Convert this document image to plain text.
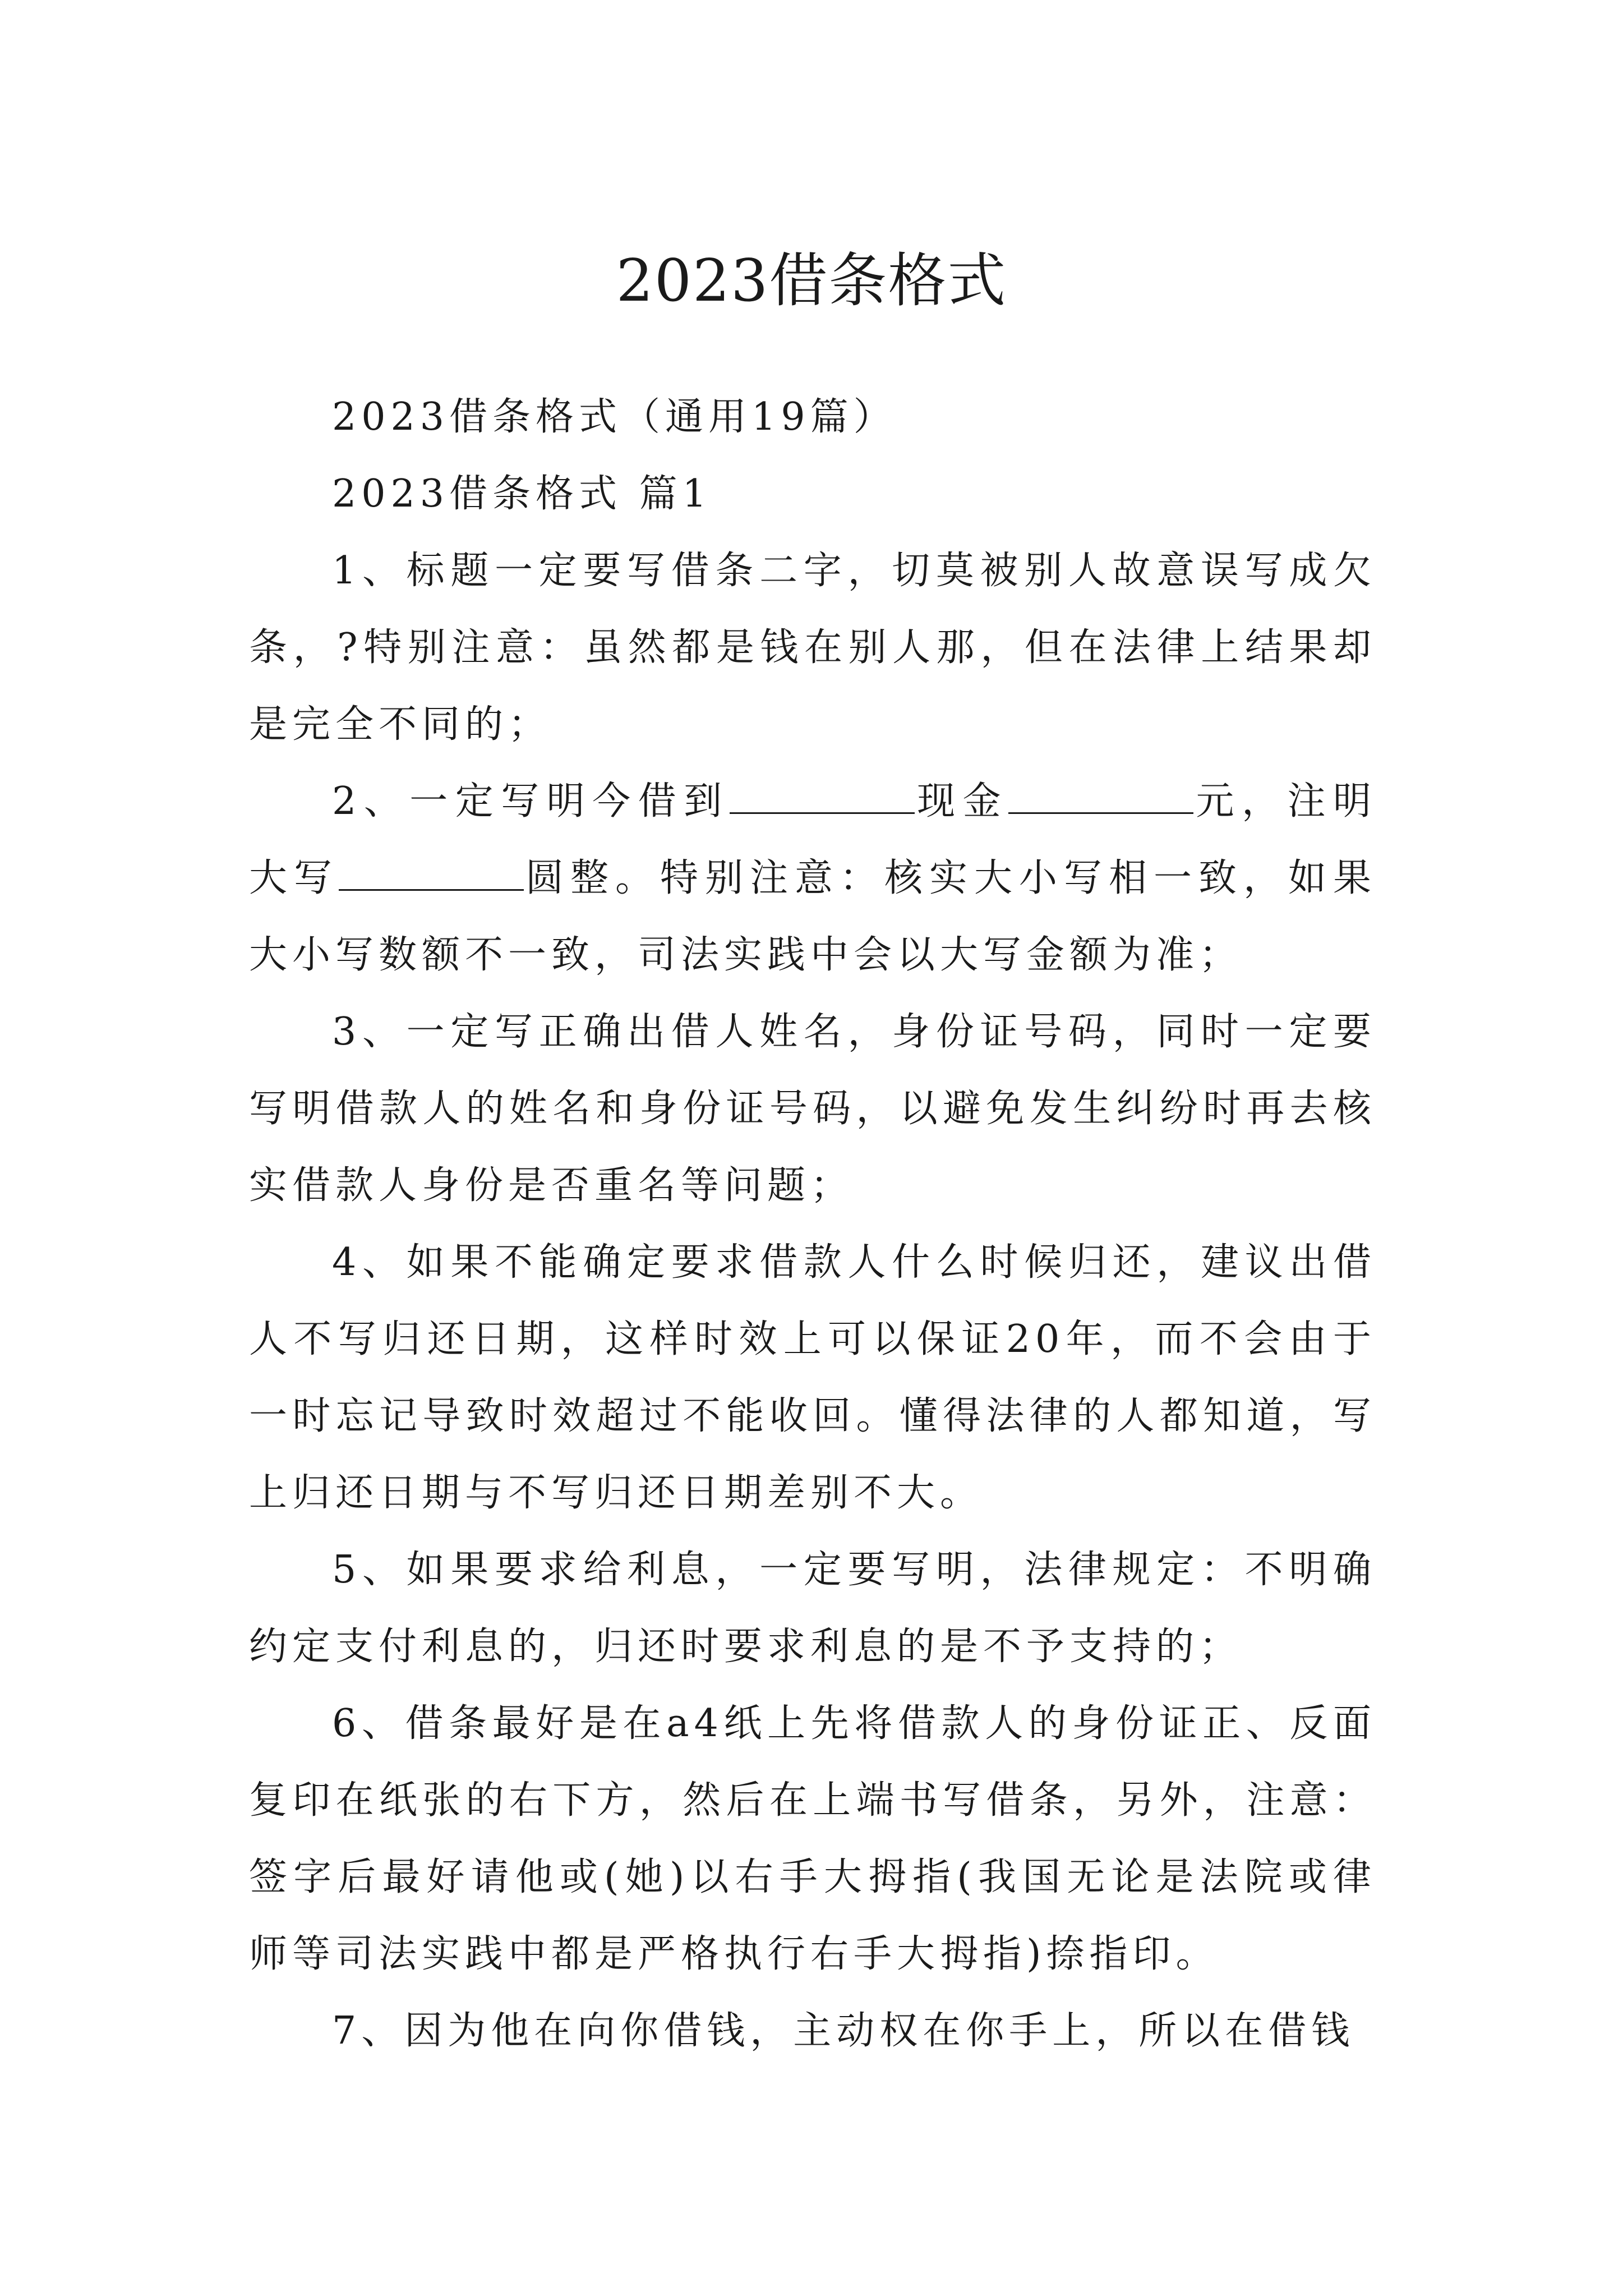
2023借条格式

2023借条格式（通用19篇）

2023借条格式 篇1

1、标题一定要写借条二字，切莫被别人故意误写成欠条，?特别注意：虽然都是钱在别人那，但在法律上结果却是完全不同的；

2、一定写明今借到	现金	元，注明大写	圆整。特别注意：核实大小写相一致，如果大小写数额不一致，司法实践中会以大写金额为准；

3、一定写正确出借人姓名，身份证号码，同时一定要写明借款人的姓名和身份证号码，以避免发生纠纷时再去核实借款人身份是否重名等问题；

4、如果不能确定要求借款人什么时候归还，建议出借人不写归还日期，这样时效上可以保证20年，而不会由于一时忘记导致时效超过不能收回。懂得法律的人都知道，写上归还日期与不写归还日期差别不大。

5、如果要求给利息，一定要写明，法律规定：不明确约定支付利息的，归还时要求利息的是不予支持的；

6、借条最好是在a4纸上先将借款人的身份证正、反面复印在纸张的右下方，然后在上端书写借条，另外，注意：签字后最好请他或(她)以右手大拇指(我国无论是法院或律师等司法实践中都是严格执行右手大拇指)捺指印。

7、因为他在向你借钱，主动权在你手上，所以在借钱
